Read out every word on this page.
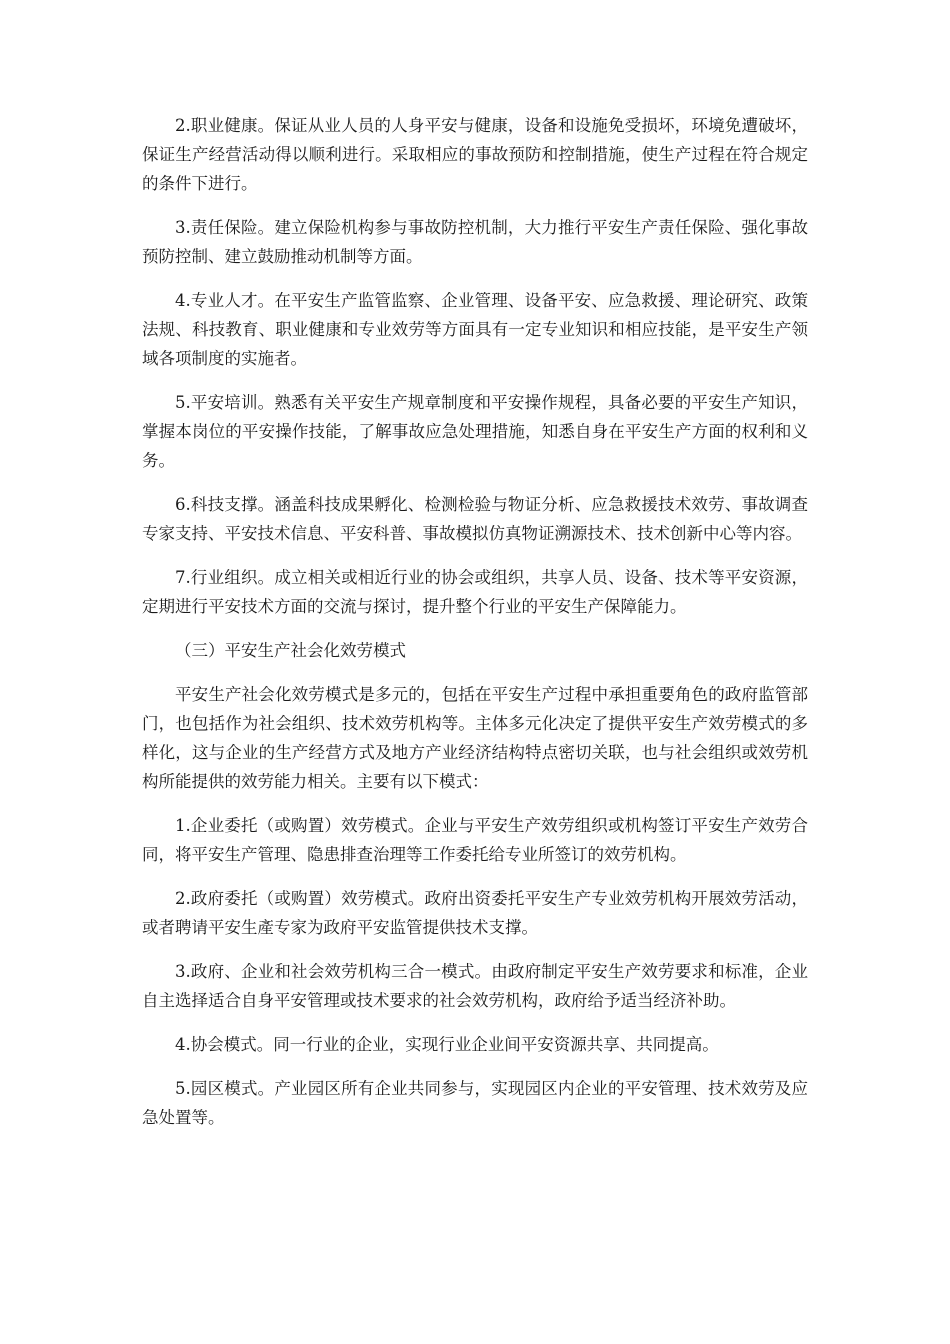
2.职业健康。保证从业人员的人身平安与健康，设备和设施免受损坏，环境免遭破坏，保证生产经营活动得以顺利进行。采取相应的事故预防和控制措施，使生产过程在符合规定的条件下进行。

3.责任保险。建立保险机构参与事故防控机制，大力推行平安生产责任保险、强化事故预防控制、建立鼓励推动机制等方面。

4.专业人才。在平安生产监管监察、企业管理、设备平安、应急救援、理论研究、政策法规、科技教育、职业健康和专业效劳等方面具有一定专业知识和相应技能，是平安生产领域各项制度的实施者。

5.平安培训。熟悉有关平安生产规章制度和平安操作规程，具备必要的平安生产知识，掌握本岗位的平安操作技能，了解事故应急处理措施，知悉自身在平安生产方面的权利和义务。

6.科技支撑。涵盖科技成果孵化、检测检验与物证分析、应急救援技术效劳、事故调查专家支持、平安技术信息、平安科普、事故模拟仿真物证溯源技术、技术创新中心等内容。

7.行业组织。成立相关或相近行业的协会或组织，共享人员、设备、技术等平安资源，定期进行平安技术方面的交流与探讨，提升整个行业的平安生产保障能力。

（三）平安生产社会化效劳模式

平安生产社会化效劳模式是多元的，包括在平安生产过程中承担重要角色的政府监管部门，也包括作为社会组织、技术效劳机构等。主体多元化决定了提供平安生产效劳模式的多样化，这与企业的生产经营方式及地方产业经济结构特点密切关联，也与社会组织或效劳机构所能提供的效劳能力相关。主要有以下模式：

1.企业委托（或购置）效劳模式。企业与平安生产效劳组织或机构签订平安生产效劳合同，将平安生产管理、隐患排查治理等工作委托给专业所签订的效劳机构。

2.政府委托（或购置）效劳模式。政府出资委托平安生产专业效劳机构开展效劳活动，或者聘请平安生產专家为政府平安监管提供技术支撑。

3.政府、企业和社会效劳机构三合一模式。由政府制定平安生产效劳要求和标准，企业自主选择适合自身平安管理或技术要求的社会效劳机构，政府给予适当经济补助。

4.协会模式。同一行业的企业，实现行业企业间平安资源共享、共同提高。

5.园区模式。产业园区所有企业共同参与，实现园区内企业的平安管理、技术效劳及应急处置等。
